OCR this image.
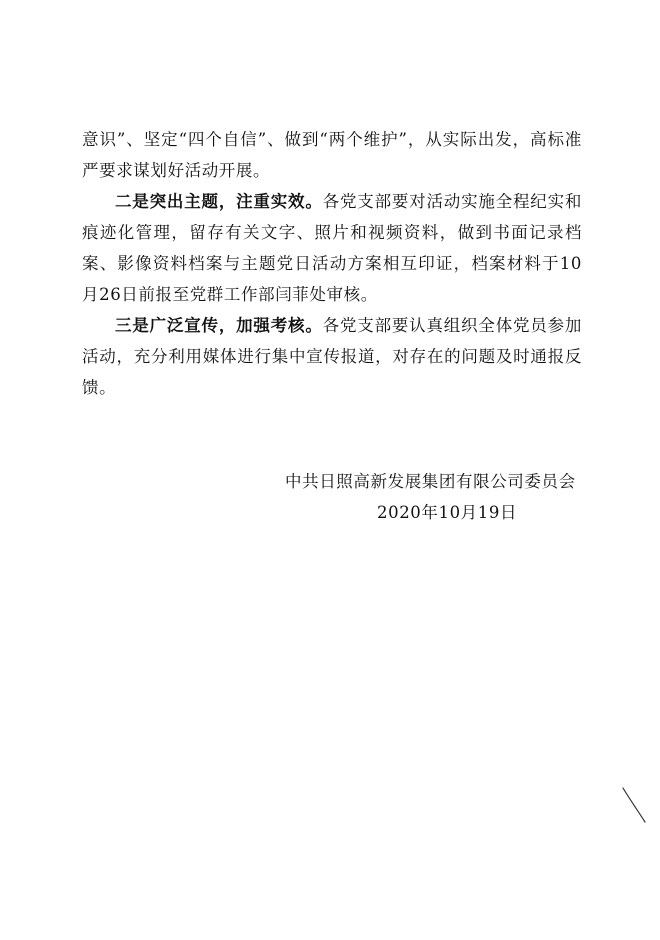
意识”、坚定“四个自信”、做到“两个维护”，从实际出发，高标准严要求谋划好活动开展。

二是突出主题，注重实效。各党支部要对活动实施全程纪实和痕迹化管理，留存有关文字、照片和视频资料，做到书面记录档案、影像资料档案与主题党日活动方案相互印证，档案材料于10月26日前报至党群工作部闫菲处审核。

三是广泛宣传，加强考核。各党支部要认真组织全体党员参加活动，充分利用媒体进行集中宣传报道，对存在的问题及时通报反馈。

中共日照高新发展集团有限公司委员会
2020年10月19日
